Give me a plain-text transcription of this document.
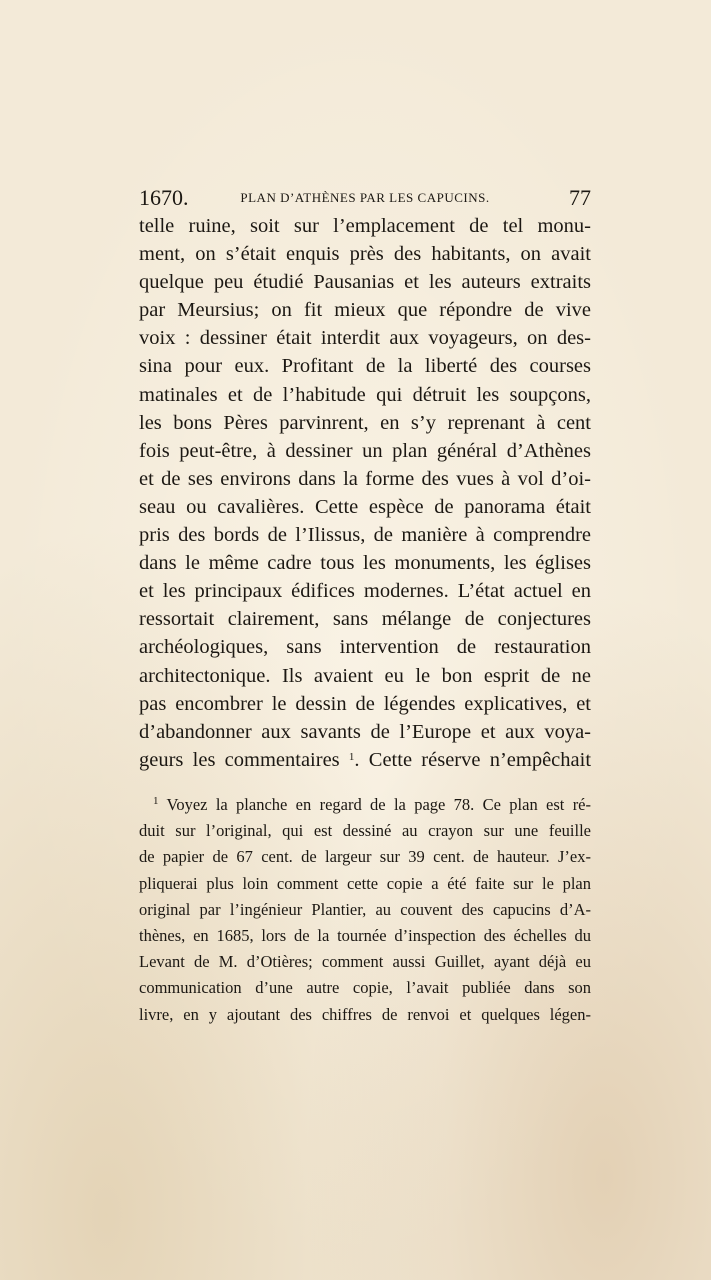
1670.	PLAN D’ATHÈNES PAR LES CAPUCINS.	77
telle ruine, soit sur l’emplacement de tel monu-
ment, on s’était enquis près des habitants, on avait
quelque peu étudié Pausanias et les auteurs extraits
par Meursius; on fit mieux que répondre de vive
voix : dessiner était interdit aux voyageurs, on des-
sina pour eux. Profitant de la liberté des courses
matinales et de l’habitude qui détruit les soupçons,
les bons Pères parvinrent, en s’y reprenant à cent
fois peut-être, à dessiner un plan général d’Athènes
et de ses environs dans la forme des vues à vol d’oi-
seau ou cavalières. Cette espèce de panorama était
pris des bords de l’Ilissus, de manière à comprendre
dans le même cadre tous les monuments, les églises
et les principaux édifices modernes. L’état actuel en
ressortait clairement, sans mélange de conjectures
archéologiques, sans intervention de restauration
architectonique. Ils avaient eu le bon esprit de ne
pas encombrer le dessin de légendes explicatives, et
d’abandonner aux savants de l’Europe et aux voya-
geurs les commentaires $^1$. Cette réserve n’empêchait
$^1$ Voyez la planche en regard de la page 78. Ce plan est ré-
duit sur l’original, qui est dessiné au crayon sur une feuille
de papier de 67 cent. de largeur sur 39 cent. de hauteur. J’ex-
pliquerai plus loin comment cette copie a été faite sur le plan
original par l’ingénieur Plantier, au couvent des capucins d’A-
thènes, en 1685, lors de la tournée d’inspection des échelles du
Levant de M. d’Otières; comment aussi Guillet, ayant déjà eu
communication d’une autre copie, l’avait publiée dans son
livre, en y ajoutant des chiffres de renvoi et quelques légen-
